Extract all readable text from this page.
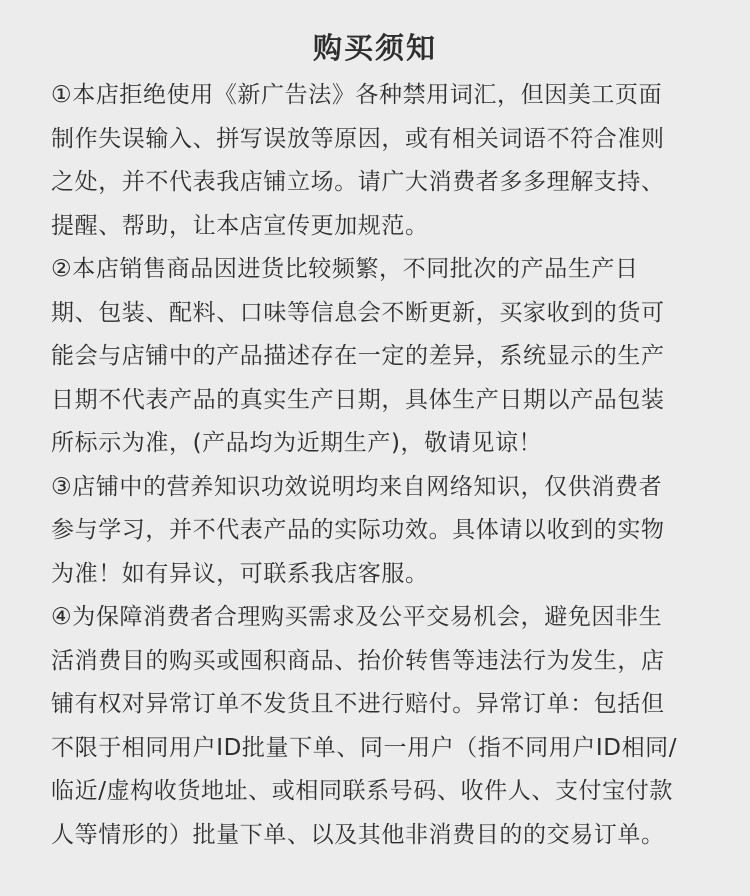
购买须知
①本店拒绝使用《新广告法》各种禁用词汇，但因美工页面
制作失误输入、拼写误放等原因，或有相关词语不符合准则
之处，并不代表我店铺立场。请广大消费者多多理解支持、
提醒、帮助，让本店宣传更加规范。
②本店销售商品因进货比较频繁，不同批次的产品生产日
期、包装、配料、口味等信息会不断更新，买家收到的货可
能会与店铺中的产品描述存在一定的差异，系统显示的生产
日期不代表产品的真实生产日期，具体生产日期以产品包装
所标示为准，(产品均为近期生产)，敬请见谅！
③店铺中的营养知识功效说明均来自网络知识，仅供消费者
参与学习，并不代表产品的实际功效。具体请以收到的实物
为准！如有异议，可联系我店客服。
④为保障消费者合理购买需求及公平交易机会，避免因非生
活消费目的购买或囤积商品、抬价转售等违法行为发生，店
铺有权对异常订单不发货且不进行赔付。异常订单：包括但
不限于相同用户ID批量下单、同一用户（指不同用户ID相同/
临近/虚构收货地址、或相同联系号码、收件人、支付宝付款
人等情形的）批量下单、以及其他非消费目的的交易订单。
